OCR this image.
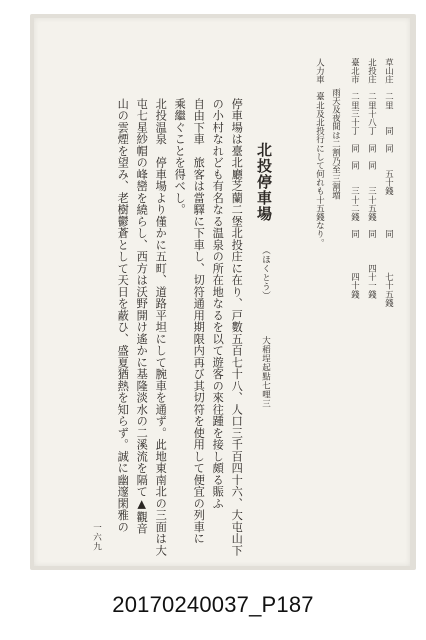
草山庄　二里　　同　同　　五十錢　　　　同　　　　七十五錢
北投庄　二里十八丁　同　同　　三十五錢　同　　　四十一錢
臺北市　二里三十丁　同　同　　三十二錢　同　　　　四十錢
雨天及夜間は二割乃至三割増
人力車　臺北及北投行にして何れも十五錢なり。
北投停車場
（ほくとう）
大稻埕起點七哩三
停車場は臺北廳芝蘭二堡北投庄に在り、戸數五百七十八、人口三千百四十六、大屯山下
の小村なれども有名なる温泉の所在地なるを以て遊客の來往踵を接し頗る賑ふ
自由下車　旅客は當驛に下車し、切符通用期限内再び其切符を使用して便宜の列車に
乘繼ぐことを得べし。
北投温泉　停車場より僅かに五町、道路平坦にして腕車を通ず。此地東南北の三面は大
屯七星紗帽の峰巒を繞らし、西方は沃野開け遙かに基隆淡水の二溪流を隔て▲觀音
山の雲煙を望み、老樹鬱蒼として天日を蔽ひ、盛夏猶熱を知らず。誠に幽邃閑雅の
一六九
20170240037_P187
